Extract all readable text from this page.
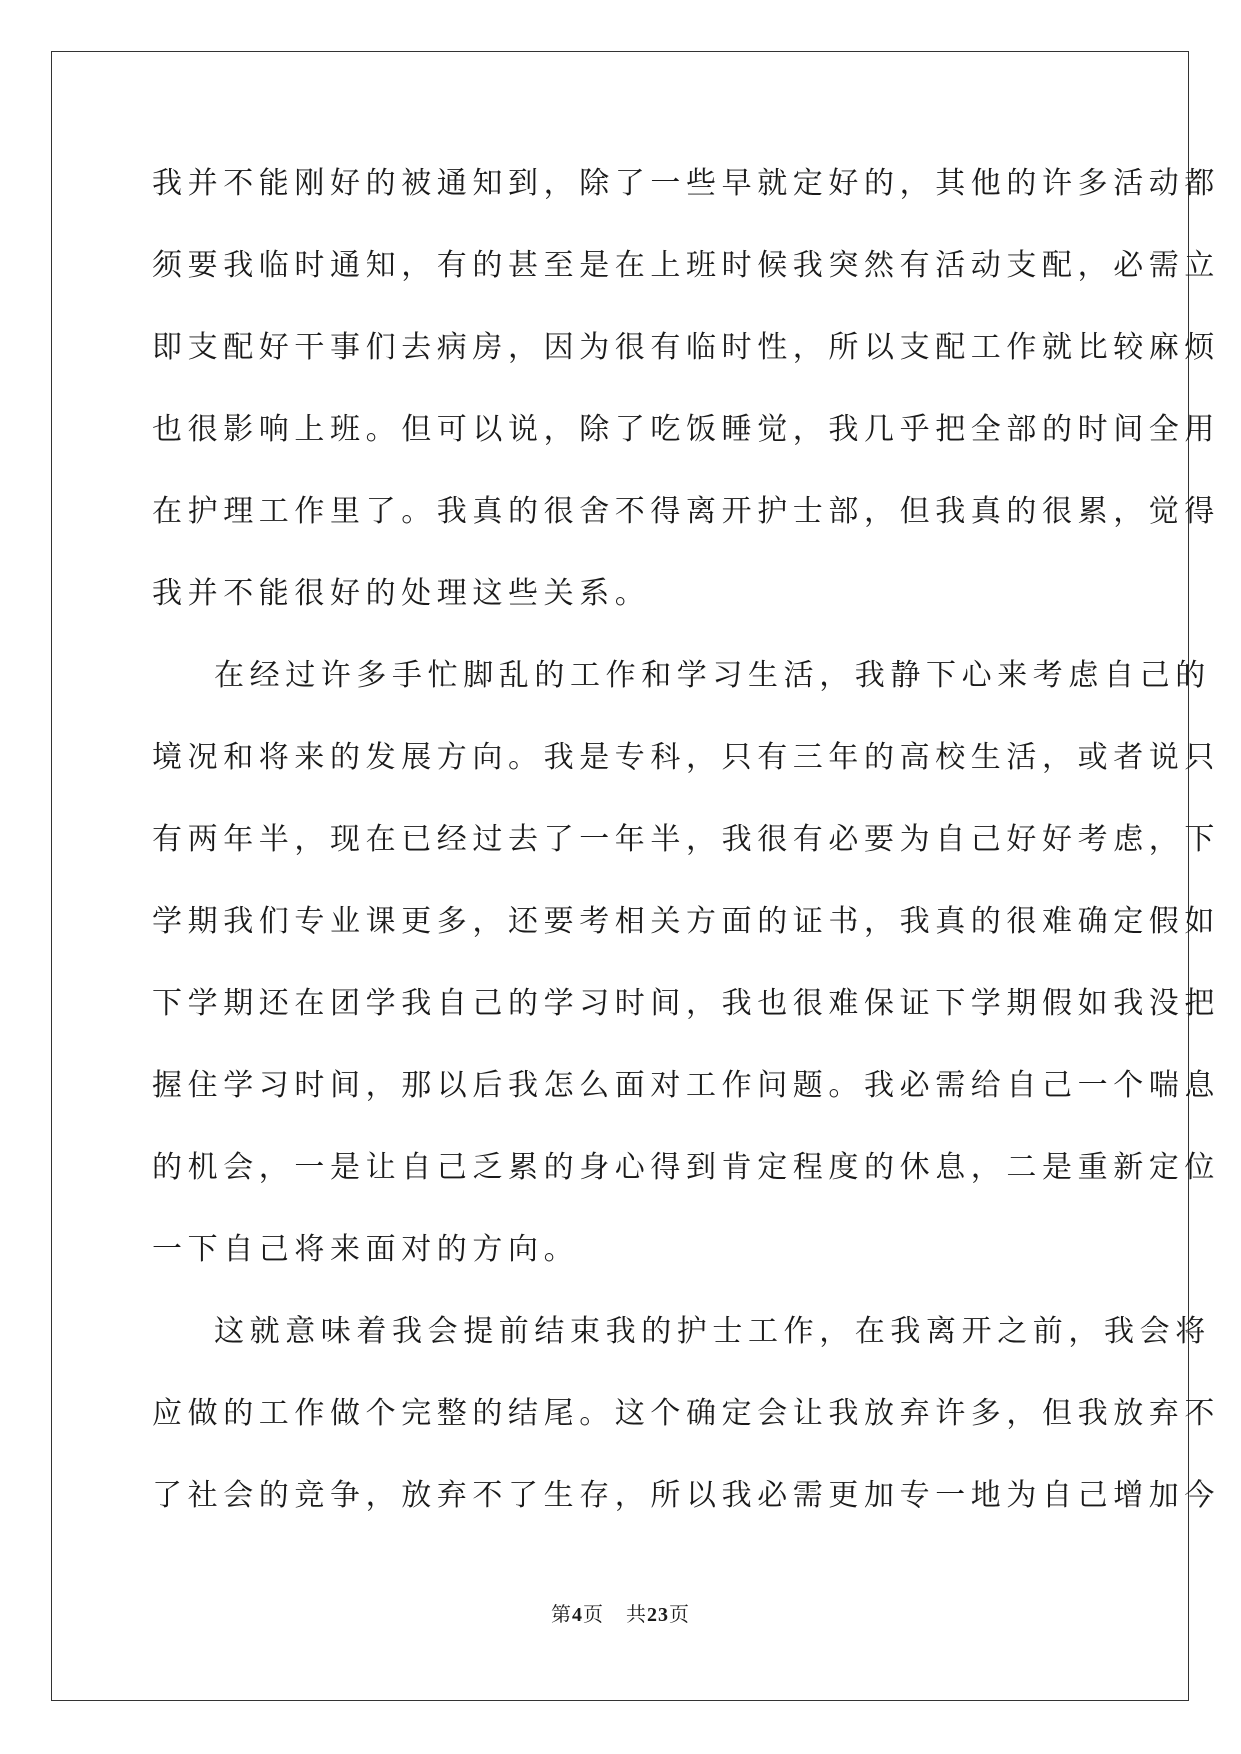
我并不能刚好的被通知到，除了一些早就定好的，其他的许多活动都
须要我临时通知，有的甚至是在上班时候我突然有活动支配，必需立
即支配好干事们去病房，因为很有临时性，所以支配工作就比较麻烦
也很影响上班。但可以说，除了吃饭睡觉，我几乎把全部的时间全用
在护理工作里了。我真的很舍不得离开护士部，但我真的很累，觉得
我并不能很好的处理这些关系。
在经过许多手忙脚乱的工作和学习生活，我静下心来考虑自己的
境况和将来的发展方向。我是专科，只有三年的高校生活，或者说只
有两年半，现在已经过去了一年半，我很有必要为自己好好考虑，下
学期我们专业课更多，还要考相关方面的证书，我真的很难确定假如
下学期还在团学我自己的学习时间，我也很难保证下学期假如我没把
握住学习时间，那以后我怎么面对工作问题。我必需给自己一个喘息
的机会，一是让自己乏累的身心得到肯定程度的休息，二是重新定位
一下自己将来面对的方向。
这就意味着我会提前结束我的护士工作，在我离开之前，我会将
应做的工作做个完整的结尾。这个确定会让我放弃许多，但我放弃不
了社会的竞争，放弃不了生存，所以我必需更加专一地为自己增加今
第4页 共23页
